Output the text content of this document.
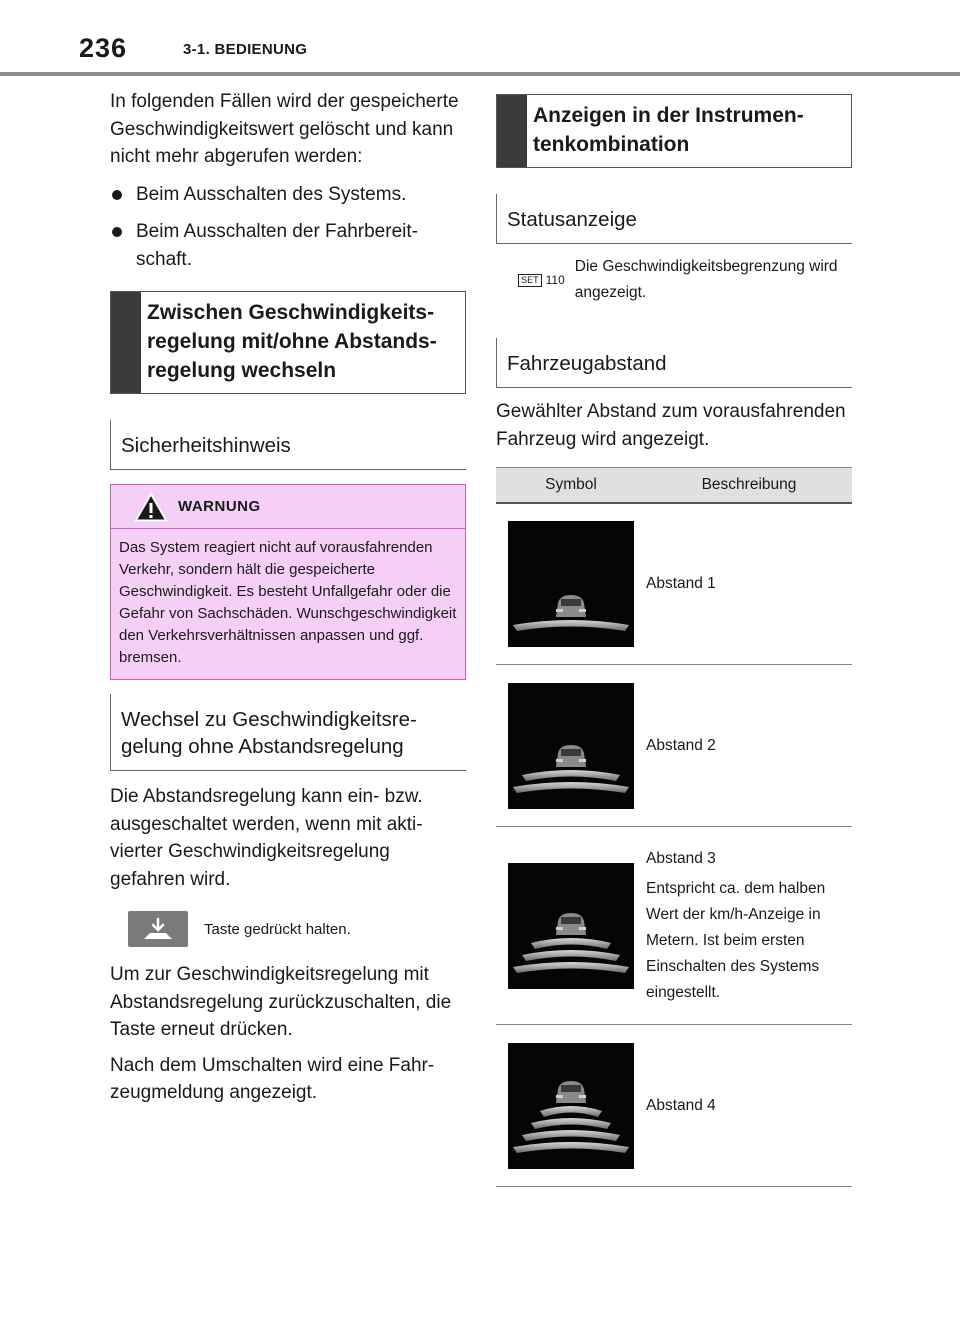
236	3-1. BEDIENUNG

In folgenden Fällen wird der gespeicherte Geschwindigkeitswert gelöscht und kann nicht mehr abgerufen werden:

Beim Ausschalten des Systems.
Beim Ausschalten der Fahrbereitschaft.
Zwischen Geschwindigkeitsregelung mit/ohne Abstandsregelung wechseln
Sicherheitshinweis
WARNUNG
Das System reagiert nicht auf vorausfahrenden Verkehr, sondern hält die gespeicherte Geschwindigkeit. Es besteht Unfallgefahr oder die Gefahr von Sachschäden. Wunschgeschwindigkeit den Verkehrsverhältnissen anpassen und ggf. bremsen.
Wechsel zu Geschwindigkeitsregelung ohne Abstandsregelung

Die Abstandsregelung kann ein- bzw. ausgeschaltet werden, wenn mit aktivierter Geschwindigkeitsregelung gefahren wird.

Taste gedrückt halten.

Um zur Geschwindigkeitsregelung mit Abstandsregelung zurückzuschalten, die Taste erneut drücken.

Nach dem Umschalten wird eine Fahrzeugmeldung angezeigt.

Anzeigen in der Instrumentenkombination
Statusanzeige
SET 110
Die Geschwindigkeitsbegrenzung wird angezeigt.
Fahrzeugabstand

Gewählter Abstand zum vorausfahrenden Fahrzeug wird angezeigt.

Symbol	Beschreibung

Abstand 1

Abstand 2

Abstand 3
Entspricht ca. dem halben Wert der km/h-Anzeige in Metern. Ist beim ersten Einschalten des Systems eingestellt.

Abstand 4
